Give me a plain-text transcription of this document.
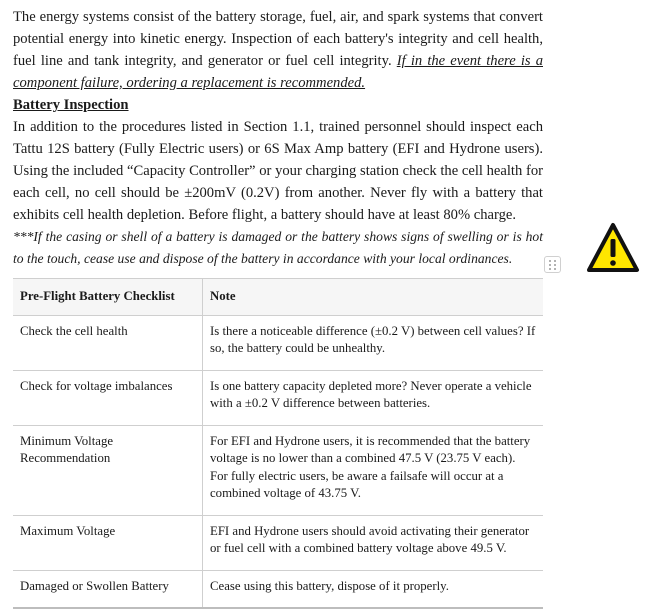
The energy systems consist of the battery storage, fuel, air, and spark systems that convert potential energy into kinetic energy. Inspection of each battery's integrity and cell health, fuel line and tank integrity, and generator or fuel cell integrity. If in the event there is a component failure, ordering a replacement is recommended.

Battery Inspection

In addition to the procedures listed in Section 1.1, trained personnel should inspect each Tattu 12S battery (Fully Electric users) or 6S Max Amp battery (EFI and Hydrone users). Using the included “Capacity Controller” or your charging station check the cell health for each cell, no cell should be ±200mV (0.2V) from another. Never fly with a battery that exhibits cell health depletion. Before flight, a battery should have at least 80% charge.

***If the casing or shell of a battery is damaged or the battery shows signs of swelling or is hot to the touch, cease use and dispose of the battery in accordance with your local ordinances.

Pre-Flight Battery Checklist	Note
Check the cell health	Is there a noticeable difference (±0.2 V) between cell values? If so, the battery could be unhealthy.
Check for voltage imbalances	Is one battery capacity depleted more? Never operate a vehicle with a ±0.2 V difference between batteries.
Minimum Voltage Recommendation	For EFI and Hydrone users, it is recommended that the battery voltage is no lower than a combined 47.5 V (23.75 V each). For fully electric users, be aware a failsafe will occur at a combined voltage of 43.75 V.
Maximum Voltage	EFI and Hydrone users should avoid activating their generator or fuel cell with a combined battery voltage above 49.5 V.
Damaged or Swollen Battery	Cease using this battery, dispose of it properly.
